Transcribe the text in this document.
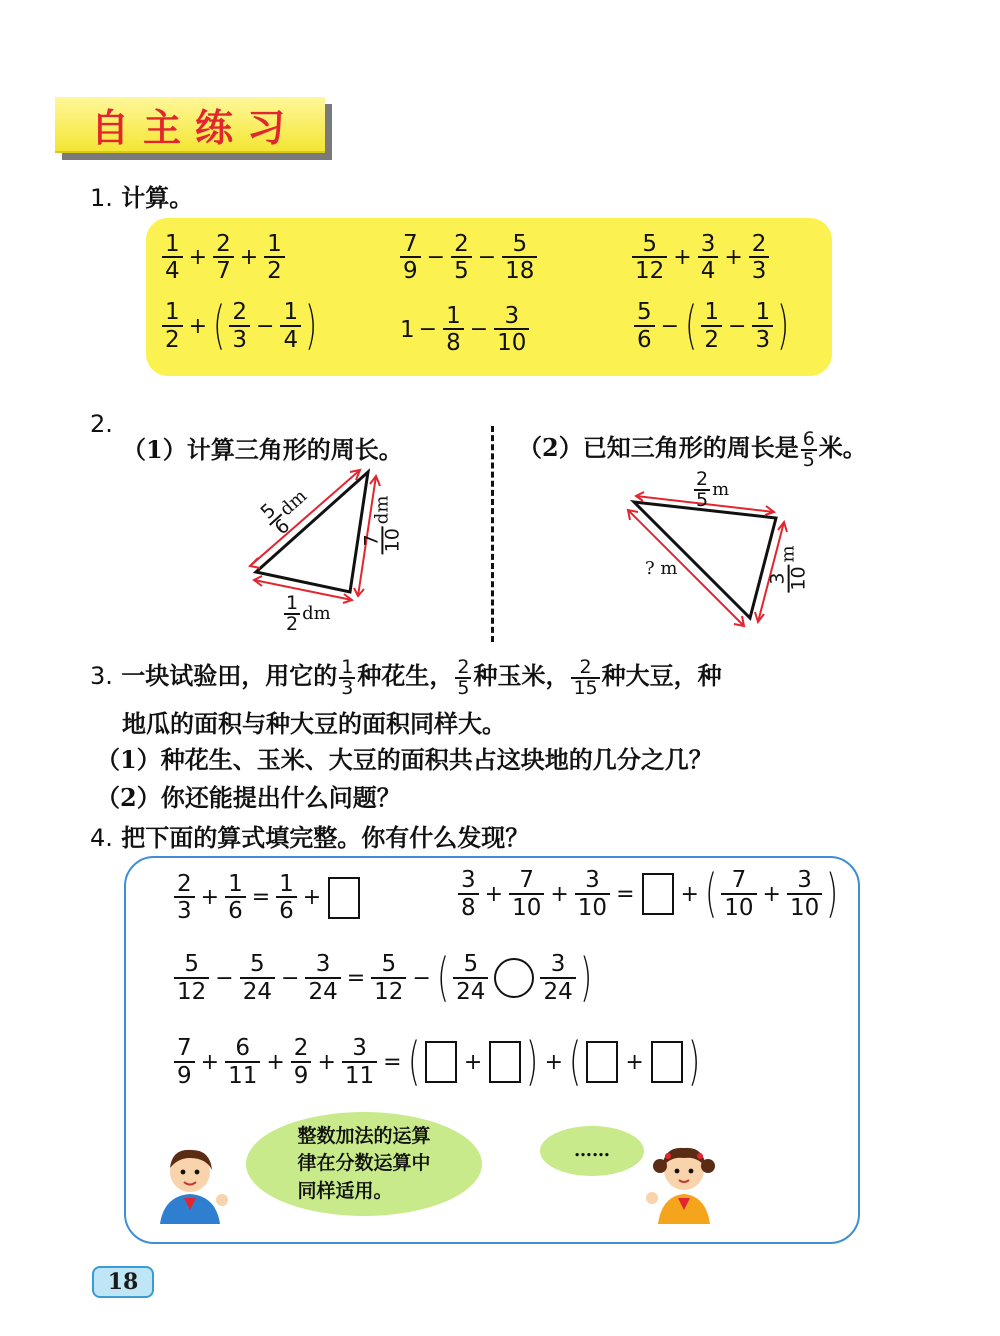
自主练习
1. 计算。
$\frac{1}{4} + \frac{2}{7} + \frac{1}{2}$	$\frac{7}{9} - \frac{2}{5} - \frac{5}{18}$	$\frac{5}{12} + \frac{3}{4} + \frac{2}{3}$
$\frac{1}{2}$ + ( $\frac{2}{3} - \frac{1}{4}$ )	$1 - \frac{1}{8} - \frac{3}{10}$	$\frac{5}{6}$ − ( $\frac{1}{2} - \frac{1}{3}$ )
2.
（1）计算三角形的周长。	（2）已知三角形的周长是 $\frac{6}{5}$ 米。
5
6
dm
7 10
dm
$\frac{1}{2}$ dm
$\frac{2}{5}$ m
? m	3 10
m
3. 一块试验田，用它的 $\frac{1}{3}$ 种花生， $\frac{2}{5}$ 种玉米， $\frac{2}{15}$ 种大豆，种
地瓜的面积与种大豆的面积同样大。
（1）种花生、玉米、大豆的面积共占这块地的几分之几？
（2）你还能提出什么问题？
4. 把下面的算式填完整。你有什么发现？
$\frac{2}{3} + \frac{1}{6} = \frac{1}{6}$ +	$\frac{3}{8} + \frac{7}{10} + \frac{3}{10}$ = + ( $\frac{7}{10} + \frac{3}{10}$ )
$\frac{5}{12} - \frac{5}{24} - \frac{3}{24} = \frac{5}{12}$ − ( $\frac{5}{24} \frac{3}{24}$ )
$\frac{7}{9} + \frac{6}{11} + \frac{2}{9} + \frac{3}{11}$ = ( + ) + ( + )
整数加法的运算
律在分数运算中
同样适用。
……
18
